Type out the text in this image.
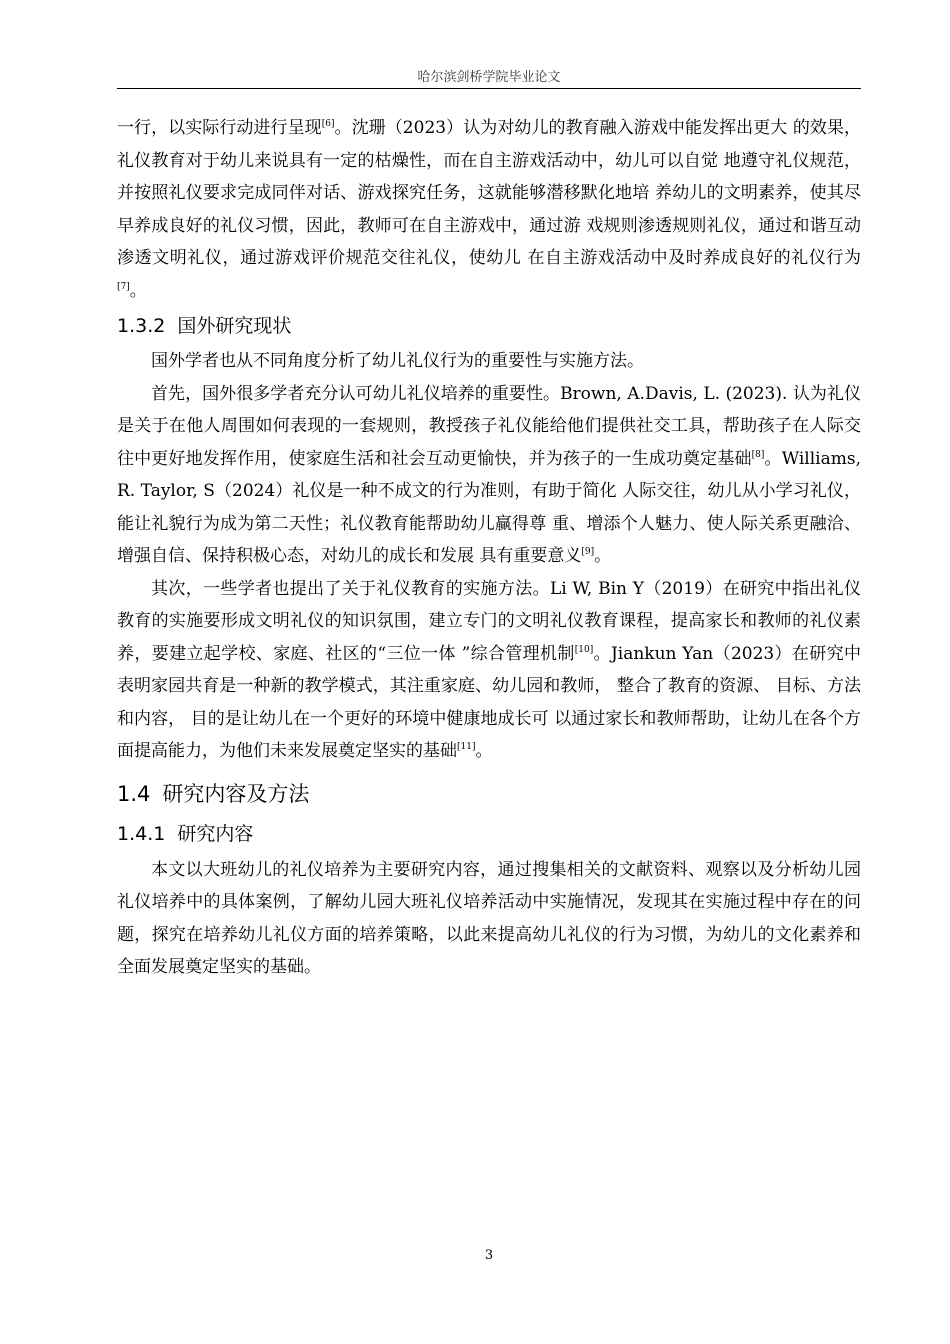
哈尔滨剑桥学院毕业论文

一行，以实际行动进行呈现[6]。沈珊（2023）认为对幼儿的教育融入游戏中能发挥出更大 的效果，礼仪教育对于幼儿来说具有一定的枯燥性，而在自主游戏活动中，幼儿可以自觉 地遵守礼仪规范，并按照礼仪要求完成同伴对话、游戏探究任务，这就能够潜移默化地培 养幼儿的文明素养，使其尽早养成良好的礼仪习惯，因此，教师可在自主游戏中，通过游 戏规则渗透规则礼仪，通过和谐互动渗透文明礼仪，通过游戏评价规范交往礼仪，使幼儿 在自主游戏活动中及时养成良好的礼仪行为[7]。

1.3.2 国外研究现状

国外学者也从不同角度分析了幼儿礼仪行为的重要性与实施方法。

首先，国外很多学者充分认可幼儿礼仪培养的重要性。Brown, A.Davis, L. (2023). 认为礼仪是关于在他人周围如何表现的一套规则，教授孩子礼仪能给他们提供社交工具，帮助孩子在人际交往中更好地发挥作用，使家庭生活和社会互动更愉快，并为孩子的一生成功奠定基础[8]。Williams, R. Taylor, S（2024）礼仪是一种不成文的行为准则，有助于简化 人际交往，幼儿从小学习礼仪，能让礼貌行为成为第二天性；礼仪教育能帮助幼儿赢得尊 重、增添个人魅力、使人际关系更融洽、增强自信、保持积极心态，对幼儿的成长和发展 具有重要意义[9]。

其次，一些学者也提出了关于礼仪教育的实施方法。Li W, Bin Y（2019）在研究中指出礼仪教育的实施要形成文明礼仪的知识氛围，建立专门的文明礼仪教育课程，提高家长和教师的礼仪素养，要建立起学校、家庭、社区的“三位一体 ”综合管理机制[10]。Jiankun Yan（2023）在研究中表明家园共育是一种新的教学模式，其注重家庭、幼儿园和教师， 整合了教育的资源、 目标、方法和内容， 目的是让幼儿在一个更好的环境中健康地成长可 以通过家长和教师帮助，让幼儿在各个方面提高能力，为他们未来发展奠定坚实的基础[11]。

1.4 研究内容及方法
1.4.1 研究内容

本文以大班幼儿的礼仪培养为主要研究内容，通过搜集相关的文献资料、观察以及分析幼儿园礼仪培养中的具体案例，了解幼儿园大班礼仪培养活动中实施情况，发现其在实施过程中存在的问题，探究在培养幼儿礼仪方面的培养策略，以此来提高幼儿礼仪的行为习惯，为幼儿的文化素养和全面发展奠定坚实的基础。

3
